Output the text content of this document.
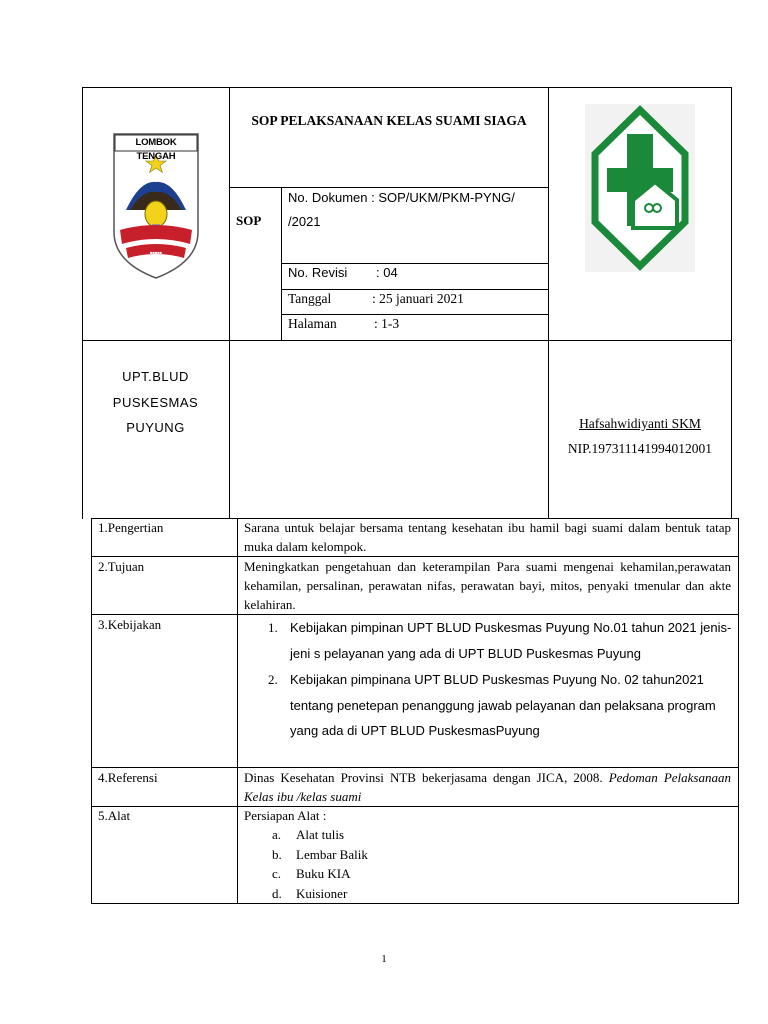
■■■■■
LOMBOK TENGAH
SOP PELAKSANAAN KELAS SUAMI SIAGA
SOP
No. Dokumen : SOP/UKM/PKM-PYNG/ /2021
No. Revisi : 04
Tanggal	: 25 januari 2021
Halaman	: 1-3
UPT.BLUD
PUSKESMAS
PUYUNG	Hafsahwidiyanti SKM
NIP.197311141994012001
1.Pengertian	Sarana untuk belajar bersama tentang kesehatan ibu hamil bagi suami dalam bentuk tatap muka dalam kelompok.
2.Tujuan	Meningkatkan pengetahuan dan keterampilan Para suami mengenai kehamilan,perawatan kehamilan, persalinan, perawatan nifas, perawatan bayi, mitos, penyaki tmenular dan akte kelahiran.
3.Kebijakan	1. Kebijakan pimpinan UPT BLUD Puskesmas Puyung No.01 tahun 2021 jenis-jeni s pelayanan yang ada di UPT BLUD Puskesmas Puyung
2. Kebijakan pimpinana UPT BLUD Puskesmas Puyung No. 02 tahun2021 tentang penetepan penanggung jawab pelayanan dan pelaksana program yang ada di UPT BLUD PuskesmasPuyung
4.Referensi	Dinas Kesehatan Provinsi NTB bekerjasama dengan JICA, 2008. Pedoman Pelaksanaan Kelas ibu /kelas suami
5.Alat	Persiapan Alat :
a. Alat tulis
b. Lembar Balik
c. Buku KIA
d. Kuisioner
1
